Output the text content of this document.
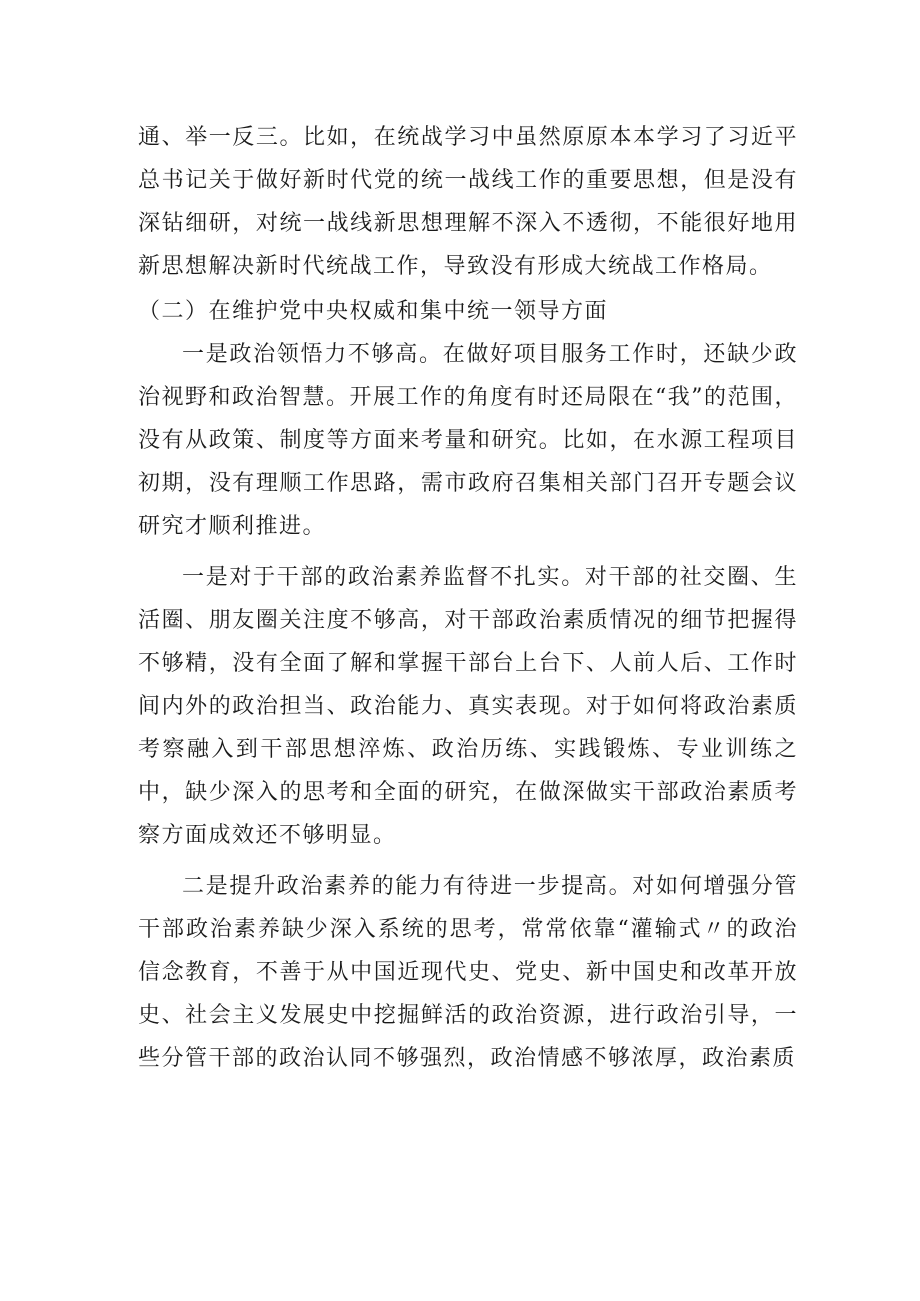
通、举一反三。比如，在统战学习中虽然原原本本学习了习近平总书记关于做好新时代党的统一战线工作的重要思想，但是没有深钻细研，对统一战线新思想理解不深入不透彻，不能很好地用新思想解决新时代统战工作，导致没有形成大统战工作格局。

（二）在维护党中央权威和集中统一领导方面

一是政治领悟力不够高。在做好项目服务工作时，还缺少政治视野和政治智慧。开展工作的角度有时还局限在“我”的范围，没有从政策、制度等方面来考量和研究。比如，在水源工程项目初期，没有理顺工作思路，需市政府召集相关部门召开专题会议研究才顺利推进。

一是对于干部的政治素养监督不扎实。对干部的社交圈、生活圈、朋友圈关注度不够高，对干部政治素质情况的细节把握得不够精，没有全面了解和掌握干部台上台下、人前人后、工作时间内外的政治担当、政治能力、真实表现。对于如何将政治素质考察融入到干部思想淬炼、政治历练、实践锻炼、专业训练之中，缺少深入的思考和全面的研究，在做深做实干部政治素质考察方面成效还不够明显。

二是提升政治素养的能力有待进一步提高。对如何增强分管干部政治素养缺少深入系统的思考，常常依靠“灌输式〃的政治信念教育，不善于从中国近现代史、党史、新中国史和改革开放史、社会主义发展史中挖掘鲜活的政治资源，进行政治引导，一些分管干部的政治认同不够强烈，政治情感不够浓厚，政治素质
